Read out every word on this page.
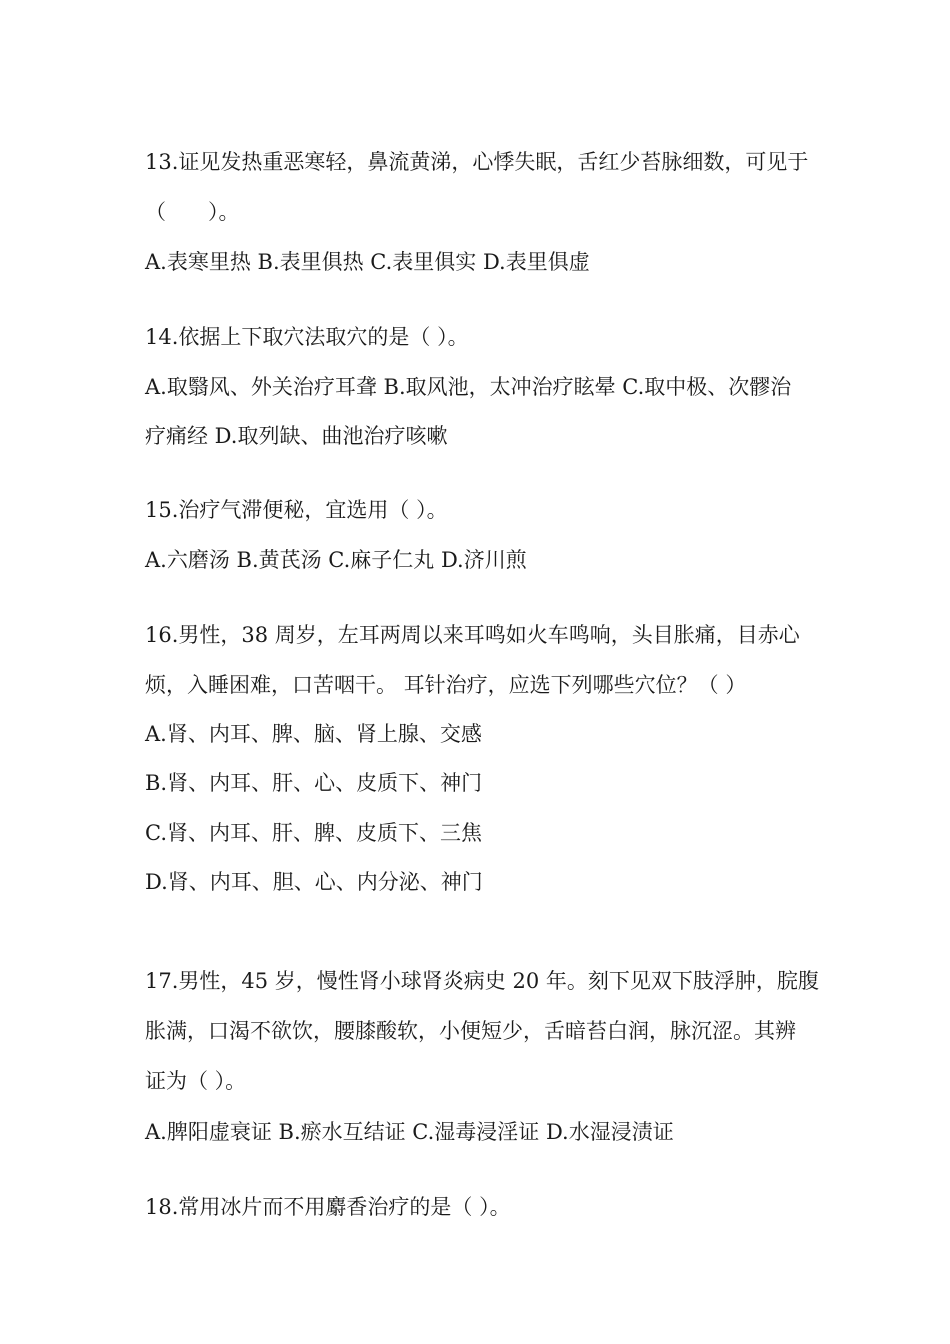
13.证见发热重恶寒轻，鼻流黄涕，心悸失眠，舌红少苔脉细数，可见于
（　　）。
A.表寒里热 B.表里俱热 C.表里俱实 D.表里俱虚
14.依据上下取穴法取穴的是（ ）。
A.取翳风、外关治疗耳聋 B.取风池，太冲治疗眩晕 C.取中极、次髎治
疗痛经 D.取列缺、曲池治疗咳嗽
15.治疗气滞便秘，宜选用（ ）。
A.六磨汤 B.黄芪汤 C.麻子仁丸 D.济川煎
16.男性，38 周岁，左耳两周以来耳鸣如火车鸣响，头目胀痛，目赤心
烦，入睡困难，口苦咽干。 耳针治疗，应选下列哪些穴位？（ ）
A.肾、内耳、脾、脑、肾上腺、交感
B.肾、内耳、肝、心、皮质下、神门
C.肾、内耳、肝、脾、皮质下、三焦
D.肾、内耳、胆、心、内分泌、神门
17.男性，45 岁，慢性肾小球肾炎病史 20 年。刻下见双下肢浮肿，脘腹
胀满，口渴不欲饮，腰膝酸软，小便短少，舌暗苔白润，脉沉涩。其辨
证为（ ）。
A.脾阳虚衰证 B.瘀水互结证 C.湿毒浸淫证 D.水湿浸渍证
18.常用冰片而不用麝香治疗的是（ ）。
